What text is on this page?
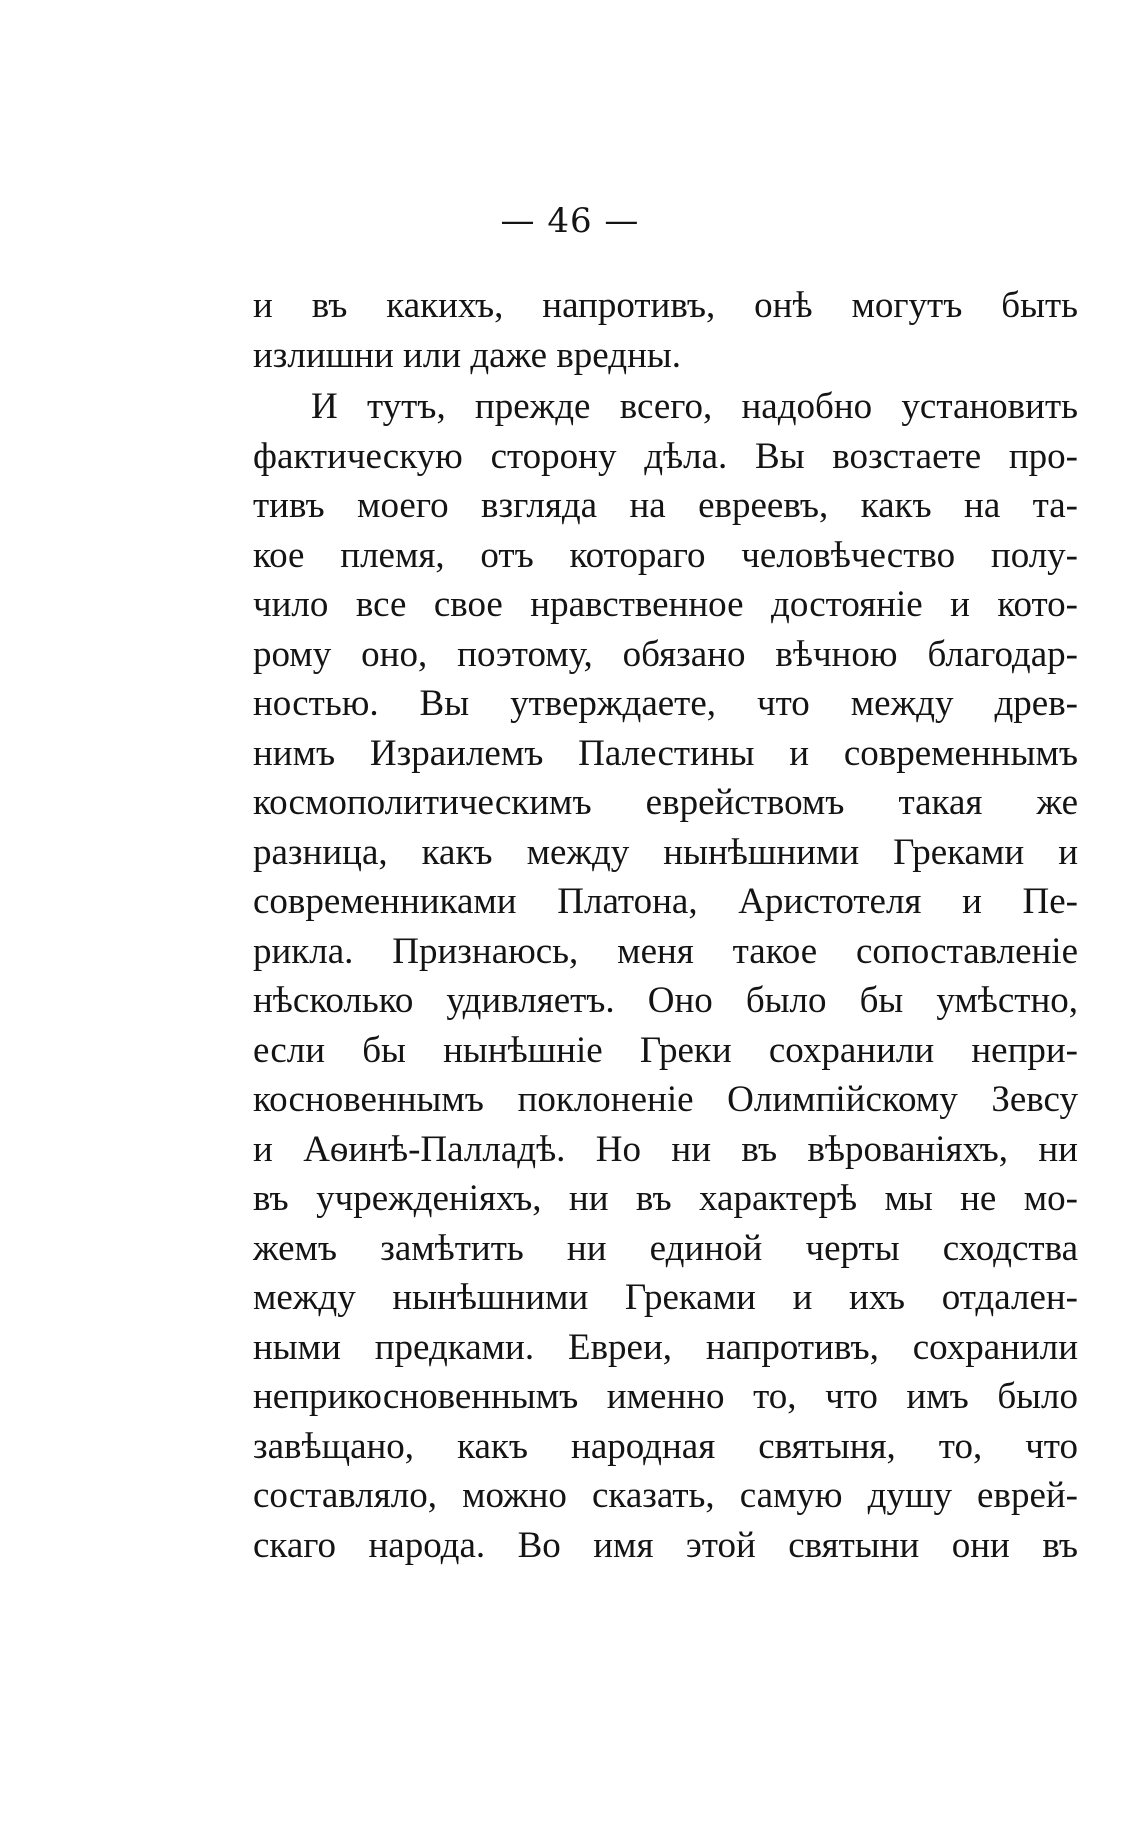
— 46 —
и въ какихъ, напротивъ, онѣ могутъ быть
излишни или даже вредны.
И тутъ, прежде всего, надобно установить
фактическую сторону дѣла. Вы возстаете про-
тивъ моего взгляда на евреевъ, какъ на та-
кое племя, отъ котораго человѣчество полу-
чило все свое нравственное достоянiе и кото-
рому оно, поэтому, обязано вѣчною благодар-
ностью. Вы утверждаете, что между древ-
нимъ Израилемъ Палестины и современнымъ
космополитическимъ еврействомъ такая же
разница, какъ между нынѣшними Греками и
современниками Платона, Аристотеля и Пе-
рикла. Признаюсь, меня такое сопоставленiе
нѣсколько удивляетъ. Оно было бы умѣстно,
если бы нынѣшнiе Греки сохранили непри-
косновеннымъ поклоненiе Олимпiйскому Зевсу
и Аѳинѣ-Палладѣ. Но ни въ вѣрованiяхъ, ни
въ учрежденiяхъ, ни въ характерѣ мы не мо-
жемъ замѣтить ни единой черты сходства
между нынѣшними Греками и ихъ отдален-
ными предками. Евреи, напротивъ, сохранили
неприкосновеннымъ именно то, что имъ было
завѣщано, какъ народная святыня, то, что
составляло, можно сказать, самую душу еврей-
скаго народа. Во имя этой святыни они въ
